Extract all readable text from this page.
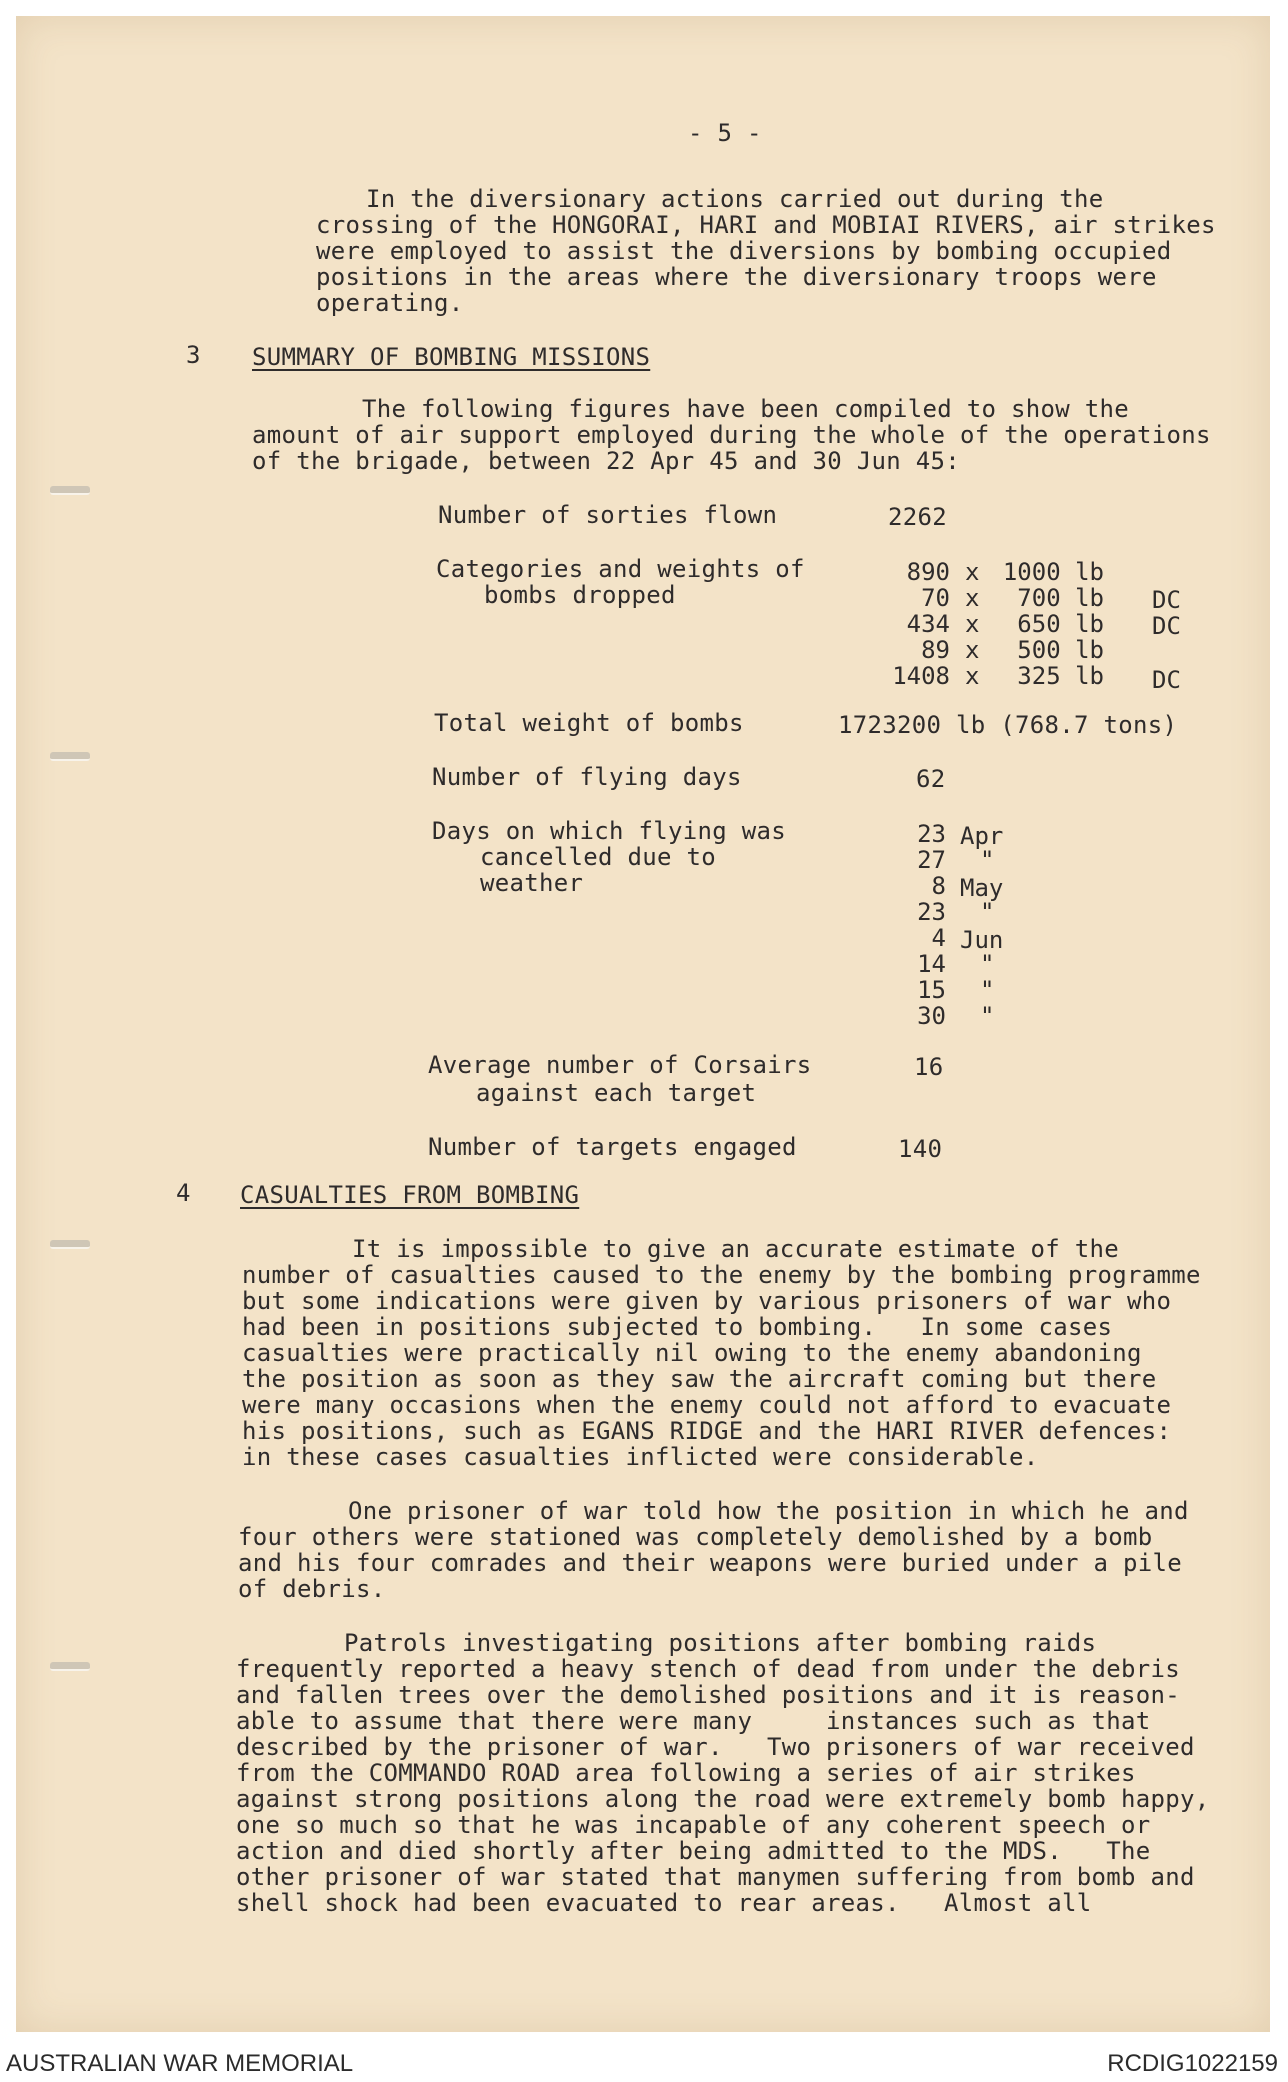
- 5 -
In the diversionary actions carried out during the
crossing of the HONGORAI, HARI and MOBIAI RIVERS, air strikes
were employed to assist the diversions by bombing occupied
positions in the areas where the diversionary troops were
operating.
3 SUMMARY OF BOMBING MISSIONS
The following figures have been compiled to show the
amount of air support employed during the whole of the operations
of the brigade, between 22 Apr 45 and 30 Jun 45:
Number of sorties flown	2262
Categories and weights of
bombs dropped
890 x 1000 lb
70 x 700 lb DC
434 x 650 lb DC
89 x 500 lb
1408 x 325 lb DC
Total weight of bombs	1723200 lb (768.7 tons)
Number of flying days	62
Days on which flying was
cancelled due to
weather
23 Apr
27 "
8 May
23 "
4 Jun
14 "
15 "
30 "
Average number of Corsairs
against each target
16
Number of targets engaged	140
4 CASUALTIES FROM BOMBING
It is impossible to give an accurate estimate of the
number of casualties caused to the enemy by the bombing programme
but some indications were given by various prisoners of war who
had been in positions subjected to bombing.   In some cases
casualties were practically nil owing to the enemy abandoning
the position as soon as they saw the aircraft coming but there
were many occasions when the enemy could not afford to evacuate
his positions, such as EGANS RIDGE and the HARI RIVER defences:
in these cases casualties inflicted were considerable.
One prisoner of war told how the position in which he and
four others were stationed was completely demolished by a bomb
and his four comrades and their weapons were buried under a pile
of debris.
Patrols investigating positions after bombing raids
frequently reported a heavy stench of dead from under the debris
and fallen trees over the demolished positions and it is reason-
able to assume that there were many     instances such as that
described by the prisoner of war.   Two prisoners of war received
from the COMMANDO ROAD area following a series of air strikes
against strong positions along the road were extremely bomb happy,
one so much so that he was incapable of any coherent speech or
action and died shortly after being admitted to the MDS.   The
other prisoner of war stated that manymen suffering from bomb and
shell shock had been evacuated to rear areas.   Almost all
AUSTRALIAN WAR MEMORIAL	RCDIG1022159
